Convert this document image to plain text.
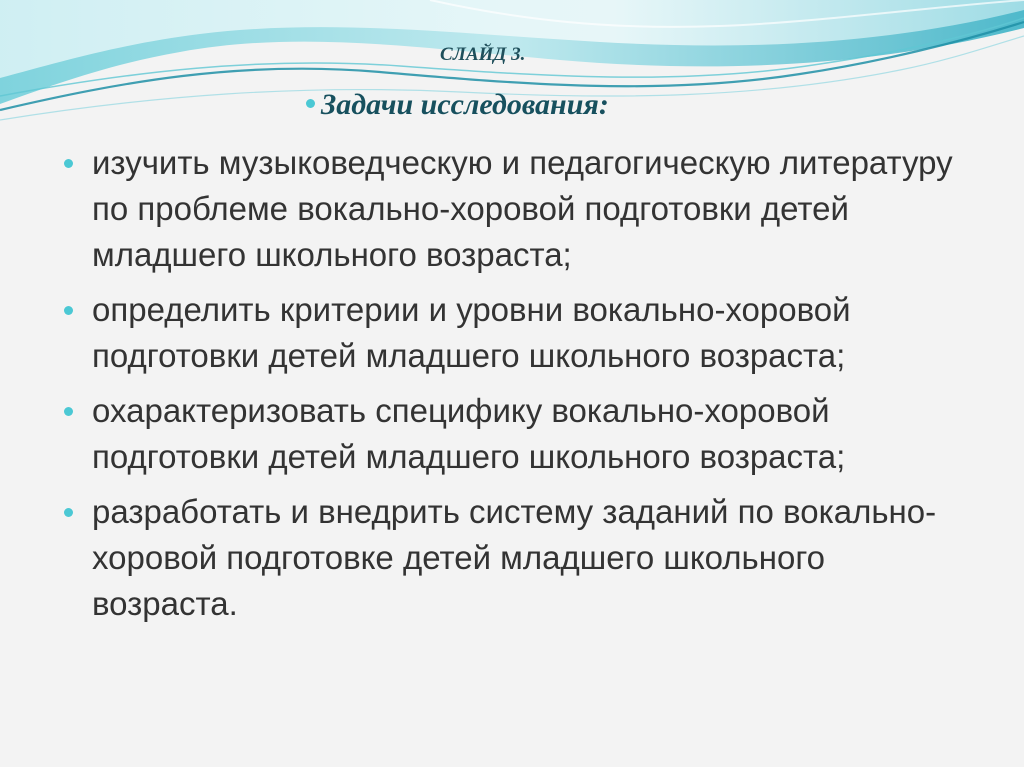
СЛАЙД 3.
Задачи исследования:
изучить музыковедческую и педагогическую литературу по проблеме вокально-хоровой подготовки детей младшего школьного возраста;
определить критерии и уровни вокально-хоровой подготовки детей младшего школьного возраста;
охарактеризовать специфику вокально-хоровой подготовки детей младшего школьного возраста;
разработать и внедрить систему заданий по вокально-хоровой подготовке детей младшего школьного возраста.
